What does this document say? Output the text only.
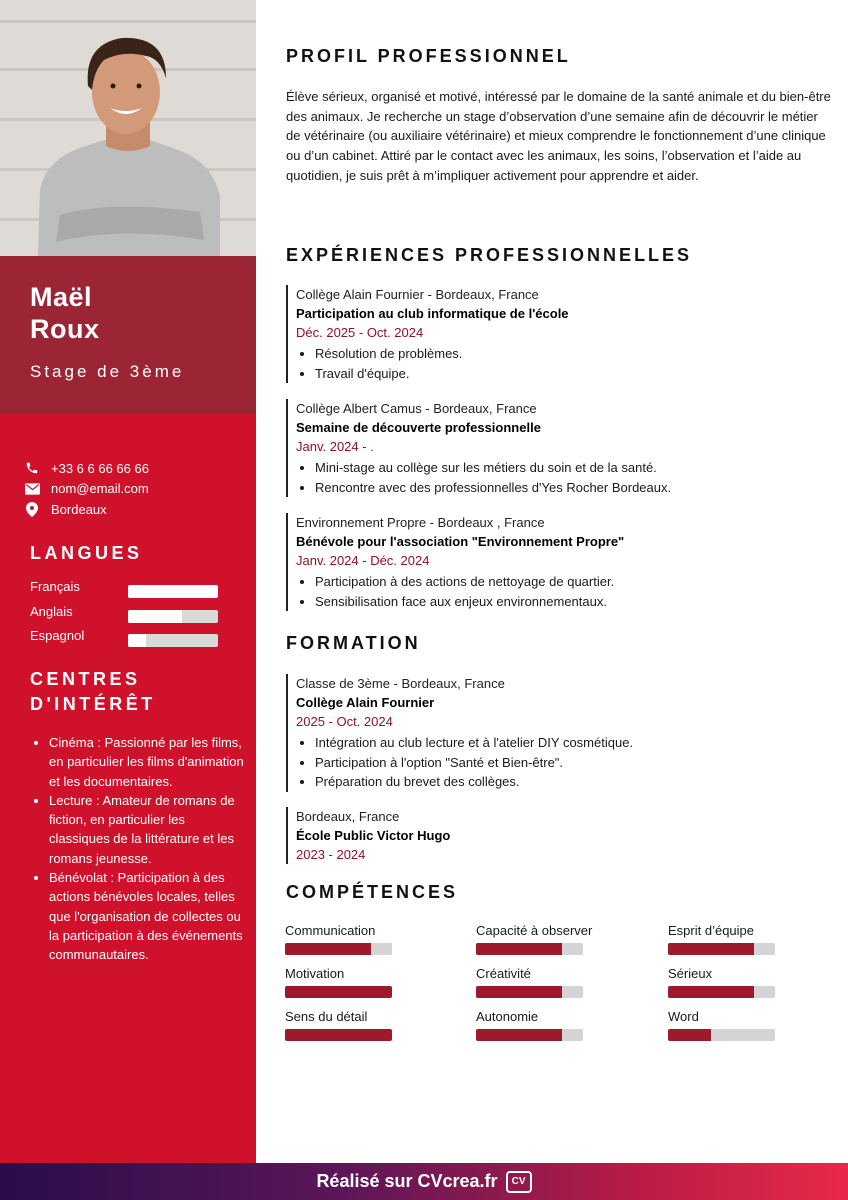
Maël
Roux
Stage de 3ème
+33 6 6 66 66 66
nom@email.com
Bordeaux
LANGUES
Français
Anglais
Espagnol
CENTRES
D'INTÉRÊT
• Cinéma : Passionné par les films, en particulier les films d'animation et les documentaires.
• Lecture : Amateur de romans de fiction, en particulier les classiques de la littérature et les romans jeunesse.
• Bénévolat : Participation à des actions bénévoles locales, telles que l'organisation de collectes ou la participation à des événements communautaires.
PROFIL PROFESSIONNEL
Élève sérieux, organisé et motivé, intéressé par le domaine de la santé animale et du bien-être des animaux. Je recherche un stage d’observation d’une semaine afin de découvrir le métier de vétérinaire (ou auxiliaire vétérinaire) et mieux comprendre le fonctionnement d’une clinique ou d’un cabinet. Attiré par le contact avec les animaux, les soins, l’observation et l’aide au quotidien, je suis prêt à m’impliquer activement pour apprendre et aider.
EXPÉRIENCES PROFESSIONNELLES
Collège Alain Fournier - Bordeaux, France
Participation au club informatique de l'école
Déc. 2025 - Oct. 2024
• Résolution de problèmes.
• Travail d'équipe.
Collège Albert Camus - Bordeaux, France
Semaine de découverte professionnelle
Janv. 2024 - .
• Mini-stage au collège sur les métiers du soin et de la santé.
• Rencontre avec des professionnelles d'Yes Rocher Bordeaux.
Environnement Propre - Bordeaux , France
Bénévole pour l'association "Environnement Propre"
Janv. 2024 - Déc. 2024
• Participation à des actions de nettoyage de quartier.
• Sensibilisation face aux enjeux environnementaux.
FORMATION
Classe de 3ème - Bordeaux, France
Collège Alain Fournier
2025 - Oct. 2024
• Intégration au club lecture et à l'atelier DIY cosmétique.
• Participation à l'option "Santé et Bien-être".
• Préparation du brevet des collèges.
Bordeaux, France
École Public Victor Hugo
2023 - 2024
COMPÉTENCES
Communication	Capacité à observer	Esprit d’équipe
Motivation	Créativité	Sérieux
Sens du détail	Autonomie	Word
Réalisé sur CVcrea.fr	CV
